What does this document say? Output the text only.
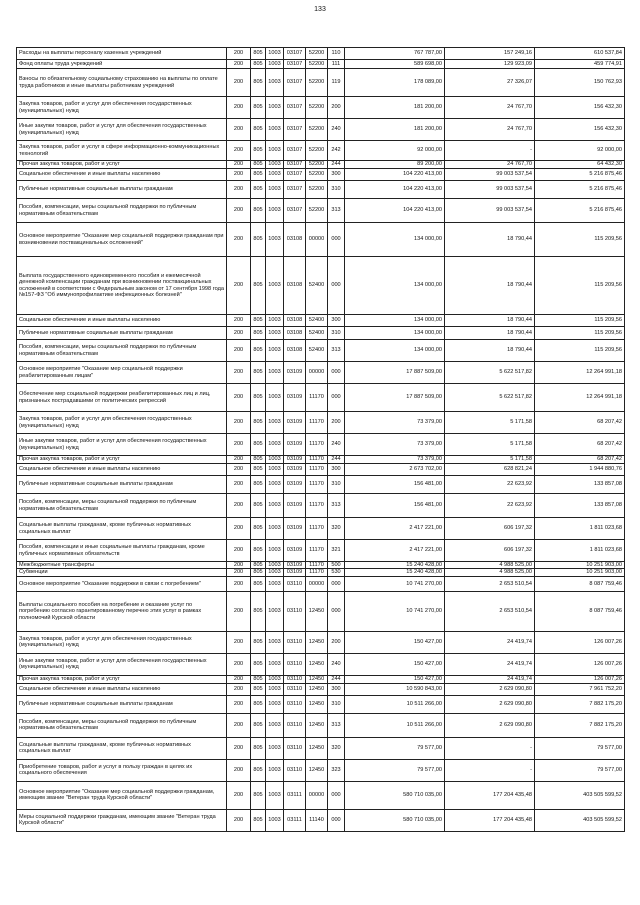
133
Расходы на выплаты персоналу казенных учреждений	200	805	1003	03107	52200	110	767 787,00	157 249,16	610 537,84
Фонд оплаты труда учреждений	200	805	1003	03107	52200	111	589 698,00	129 923,09	459 774,91
Взносы по обязательному социальному страхованию на выплаты по оплате труда работников и иные выплаты работникам учреждений	200	805	1003	03107	52200	119	178 089,00	27 326,07	150 762,93
Закупка товаров, работ и услуг для обеспечения государственных (муниципальных) нужд	200	805	1003	03107	52200	200	181 200,00	24 767,70	156 432,30
Иные закупки товаров, работ и услуг для обеспечения государственных (муниципальных) нужд	200	805	1003	03107	52200	240	181 200,00	24 767,70	156 432,30
Закупка товаров, работ и услуг в сфере информационно-коммуникационных технологий	200	805	1003	03107	52200	242	92 000,00	-	92 000,00
Прочая закупка товаров, работ и услуг	200	805	1003	03107	52200	244	89 200,00	24 767,70	64 432,30
Социальное обеспечение и иные выплаты населению	200	805	1003	03107	52200	300	104 220 413,00	99 003 537,54	5 216 875,46
Публичные нормативные социальные выплаты гражданам	200	805	1003	03107	52200	310	104 220 413,00	99 003 537,54	5 216 875,46
Пособия, компенсации, меры социальной поддержки по публичным нормативным обязательствам	200	805	1003	03107	52200	313	104 220 413,00	99 003 537,54	5 216 875,46
Основное мероприятие "Оказание мер социальной поддержки гражданам при возникновении поствакцинальных осложнений"	200	805	1003	03108	00000	000	134 000,00	18 790,44	115 209,56
Выплата государственного единовременного пособия и ежемесячной денежной компенсации гражданам при возникновении поствакцинальных осложнений в соответствии с Федеральным законом от 17 сентября 1998 года №157-ФЗ "Об иммунопрофилактике инфекционных болезней"	200	805	1003	03108	52400	000	134 000,00	18 790,44	115 209,56
Социальное обеспечение и иные выплаты населению	200	805	1003	03108	52400	300	134 000,00	18 790,44	115 209,56
Публичные нормативные социальные выплаты гражданам	200	805	1003	03108	52400	310	134 000,00	18 790,44	115 209,56
Пособия, компенсации, меры социальной поддержки по публичным нормативным обязательствам	200	805	1003	03108	52400	313	134 000,00	18 790,44	115 209,56
Основное мероприятие "Оказание мер социальной поддержки реабилитированным лицам"	200	805	1003	03109	00000	000	17 887 509,00	5 622 517,82	12 264 991,18
Обеспечение мер социальной поддержки реабилитированных лиц и лиц, признанных пострадавшими от политических репрессий	200	805	1003	03109	11170	000	17 887 509,00	5 622 517,82	12 264 991,18
Закупка товаров, работ и услуг для обеспечения государственных (муниципальных) нужд	200	805	1003	03109	11170	200	73 379,00	5 171,58	68 207,42
Иные закупки товаров, работ и услуг для обеспечения государственных (муниципальных) нужд	200	805	1003	03109	11170	240	73 379,00	5 171,58	68 207,42
Прочая закупка товаров, работ и услуг	200	805	1003	03109	11170	244	73 379,00	5 171,58	68 207,42
Социальное обеспечение и иные выплаты населению	200	805	1003	03109	11170	300	2 673 702,00	628 821,24	1 944 880,76
Публичные нормативные социальные выплаты гражданам	200	805	1003	03109	11170	310	156 481,00	22 623,92	133 857,08
Пособия, компенсации, меры социальной поддержки по публичным нормативным обязательствам	200	805	1003	03109	11170	313	156 481,00	22 623,92	133 857,08
Социальные выплаты гражданам, кроме публичных нормативных социальных выплат	200	805	1003	03109	11170	320	2 417 221,00	606 197,32	1 811 023,68
Пособия, компенсации и иные социальные выплаты гражданам, кроме публичных нормативных обязательств	200	805	1003	03109	11170	321	2 417 221,00	606 197,32	1 811 023,68
Межбюджетные трансферты	200	805	1003	03109	11170	500	15 240 428,00	4 988 525,00	10 251 903,00
Субвенции	200	805	1003	03109	11170	530	15 240 428,00	4 988 525,00	10 251 903,00
Основное мероприятие "Оказание поддержки в связи с погребением"	200	805	1003	03110	00000	000	10 741 270,00	2 653 510,54	8 087 759,46
Выплаты социального пособия на погребение и оказание услуг по погребению согласно гарантированному перечню этих услуг в рамках полномочий Курской области	200	805	1003	03110	12450	000	10 741 270,00	2 653 510,54	8 087 759,46
Закупка товаров, работ и услуг для обеспечения государственных (муниципальных) нужд	200	805	1003	03110	12450	200	150 427,00	24 419,74	126 007,26
Иные закупки товаров, работ и услуг для обеспечения государственных (муниципальных) нужд	200	805	1003	03110	12450	240	150 427,00	24 419,74	126 007,26
Прочая закупка товаров, работ и услуг	200	805	1003	03110	12450	244	150 427,00	24 419,74	126 007,26
Социальное обеспечение и иные выплаты населению	200	805	1003	03110	12450	300	10 590 843,00	2 629 090,80	7 961 752,20
Публичные нормативные социальные выплаты гражданам	200	805	1003	03110	12450	310	10 511 266,00	2 629 090,80	7 882 175,20
Пособия, компенсации, меры социальной поддержки по публичным нормативным обязательствам	200	805	1003	03110	12450	313	10 511 266,00	2 629 090,80	7 882 175,20
Социальные выплаты гражданам, кроме публичных нормативных социальных выплат	200	805	1003	03110	12450	320	79 577,00	-	79 577,00
Приобретение товаров, работ и услуг в пользу граждан в целях их социального обеспечения	200	805	1003	03110	12450	323	79 577,00	-	79 577,00
Основное мероприятие "Оказание мер социальной поддержки гражданам, имеющим звание "Ветеран труда Курской области"	200	805	1003	03111	00000	000	580 710 035,00	177 204 435,48	403 505 599,52
Меры социальной поддержки гражданам, имеющим звание "Ветеран труда Курской области"	200	805	1003	03111	11140	000	580 710 035,00	177 204 435,48	403 505 599,52
